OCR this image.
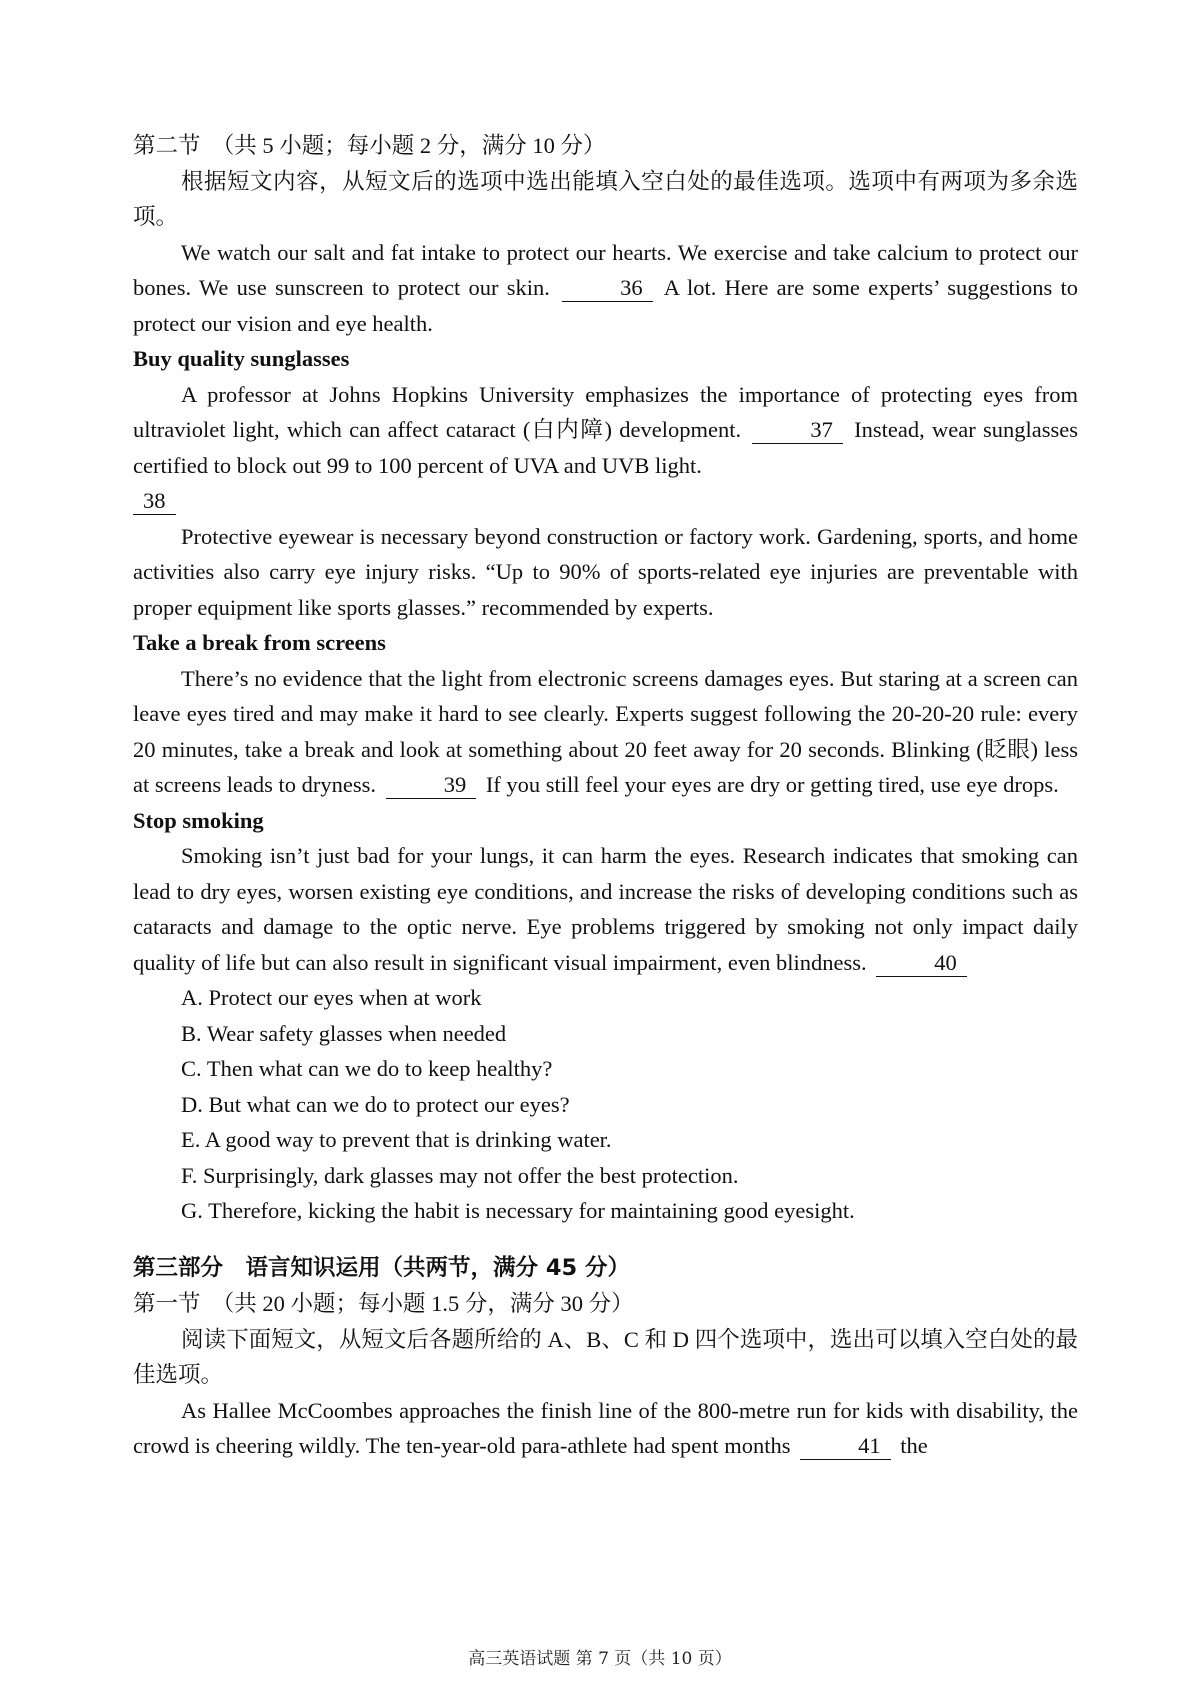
第二节　（共 5 小题；每小题 2 分，满分 10 分）

根据短文内容，从短文后的选项中选出能填入空白处的最佳选项。选项中有两项为多余选项。

We watch our salt and fat intake to protect our hearts. We exercise and take calcium to protect our bones. We use sunscreen to protect our skin.	36 A lot. Here are some experts’ suggestions to protect our vision and eye health.

Buy quality sunglasses

A professor at Johns Hopkins University emphasizes the importance of protecting eyes from ultraviolet light, which can affect cataract (白内障) development.	37 Instead, wear sunglasses certified to block out 99 to 100 percent of UVA and UVB light.

38

Protective eyewear is necessary beyond construction or factory work. Gardening, sports, and home activities also carry eye injury risks. “Up to 90% of sports-related eye injuries are preventable with proper equipment like sports glasses.” recommended by experts.

Take a break from screens

There’s no evidence that the light from electronic screens damages eyes. But staring at a screen can leave eyes tired and may make it hard to see clearly. Experts suggest following the 20-20-20 rule: every 20 minutes, take a break and look at something about 20 feet away for 20 seconds. Blinking (眨眼) less at screens leads to dryness.	39 If you still feel your eyes are dry or getting tired, use eye drops.

Stop smoking

Smoking isn’t just bad for your lungs, it can harm the eyes. Research indicates that smoking can lead to dry eyes, worsen existing eye conditions, and increase the risks of developing conditions such as cataracts and damage to the optic nerve. Eye problems triggered by smoking not only impact daily quality of life but can also result in significant visual impairment, even blindness.	40

A. Protect our eyes when at work

B. Wear safety glasses when needed

C. Then what can we do to keep healthy?

D. But what can we do to protect our eyes?

E. A good way to prevent that is drinking water.

F. Surprisingly, dark glasses may not offer the best protection.

G. Therefore, kicking the habit is necessary for maintaining good eyesight.

第三部分　语言知识运用（共两节，满分 45 分）

第一节　（共 20 小题；每小题 1.5 分，满分 30 分）

阅读下面短文，从短文后各题所给的 A、B、C 和 D 四个选项中，选出可以填入空白处的最佳选项。

As Hallee McCoombes approaches the finish line of the 800-metre run for kids with disability, the crowd is cheering wildly. The ten-year-old para-athlete had spent months	41 the

高三英语试题 第 7 页（共 10 页）
